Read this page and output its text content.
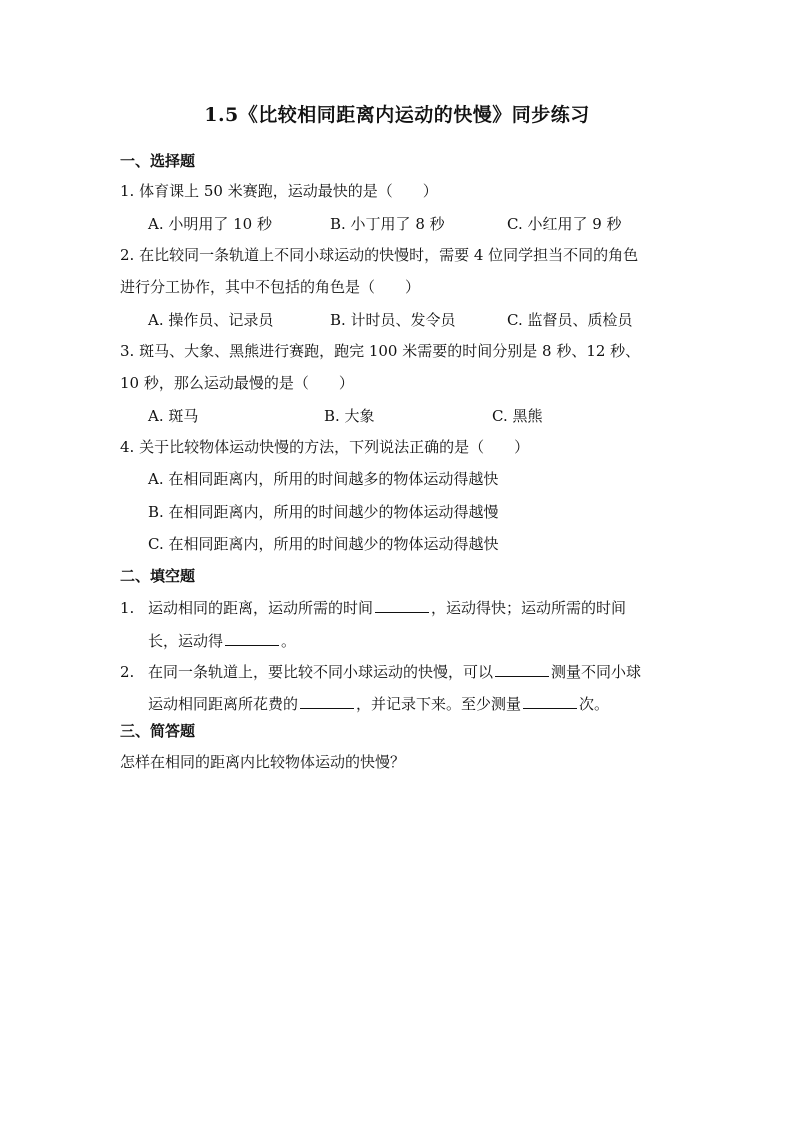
1.5《比较相同距离内运动的快慢》同步练习
一、选择题
1. 体育课上 50 米赛跑，运动最快的是（　　）
A. 小明用了 10 秒	B. 小丁用了 8 秒	C. 小红用了 9 秒
2. 在比较同一条轨道上不同小球运动的快慢时，需要 4 位同学担当不同的角色
进行分工协作，其中不包括的角色是（　　）
A. 操作员、记录员	B. 计时员、发令员	C. 监督员、质检员
3. 斑马、大象、黑熊进行赛跑，跑完 100 米需要的时间分别是 8 秒、12 秒、
10 秒，那么运动最慢的是（　　）
A. 斑马	B. 大象	C. 黑熊
4. 关于比较物体运动快慢的方法，下列说法正确的是（　　）
A. 在相同距离内，所用的时间越多的物体运动得越快
B. 在相同距离内，所用的时间越少的物体运动得越慢
C. 在相同距离内，所用的时间越少的物体运动得越快
二、填空题
1. 运动相同的距离，运动所需的时间	，运动得快；运动所需的时间
长，运动得	。
2. 在同一条轨道上，要比较不同小球运动的快慢，可以	测量不同小球
运动相同距离所花费的	，并记录下来。至少测量	次。
三、简答题
怎样在相同的距离内比较物体运动的快慢？
